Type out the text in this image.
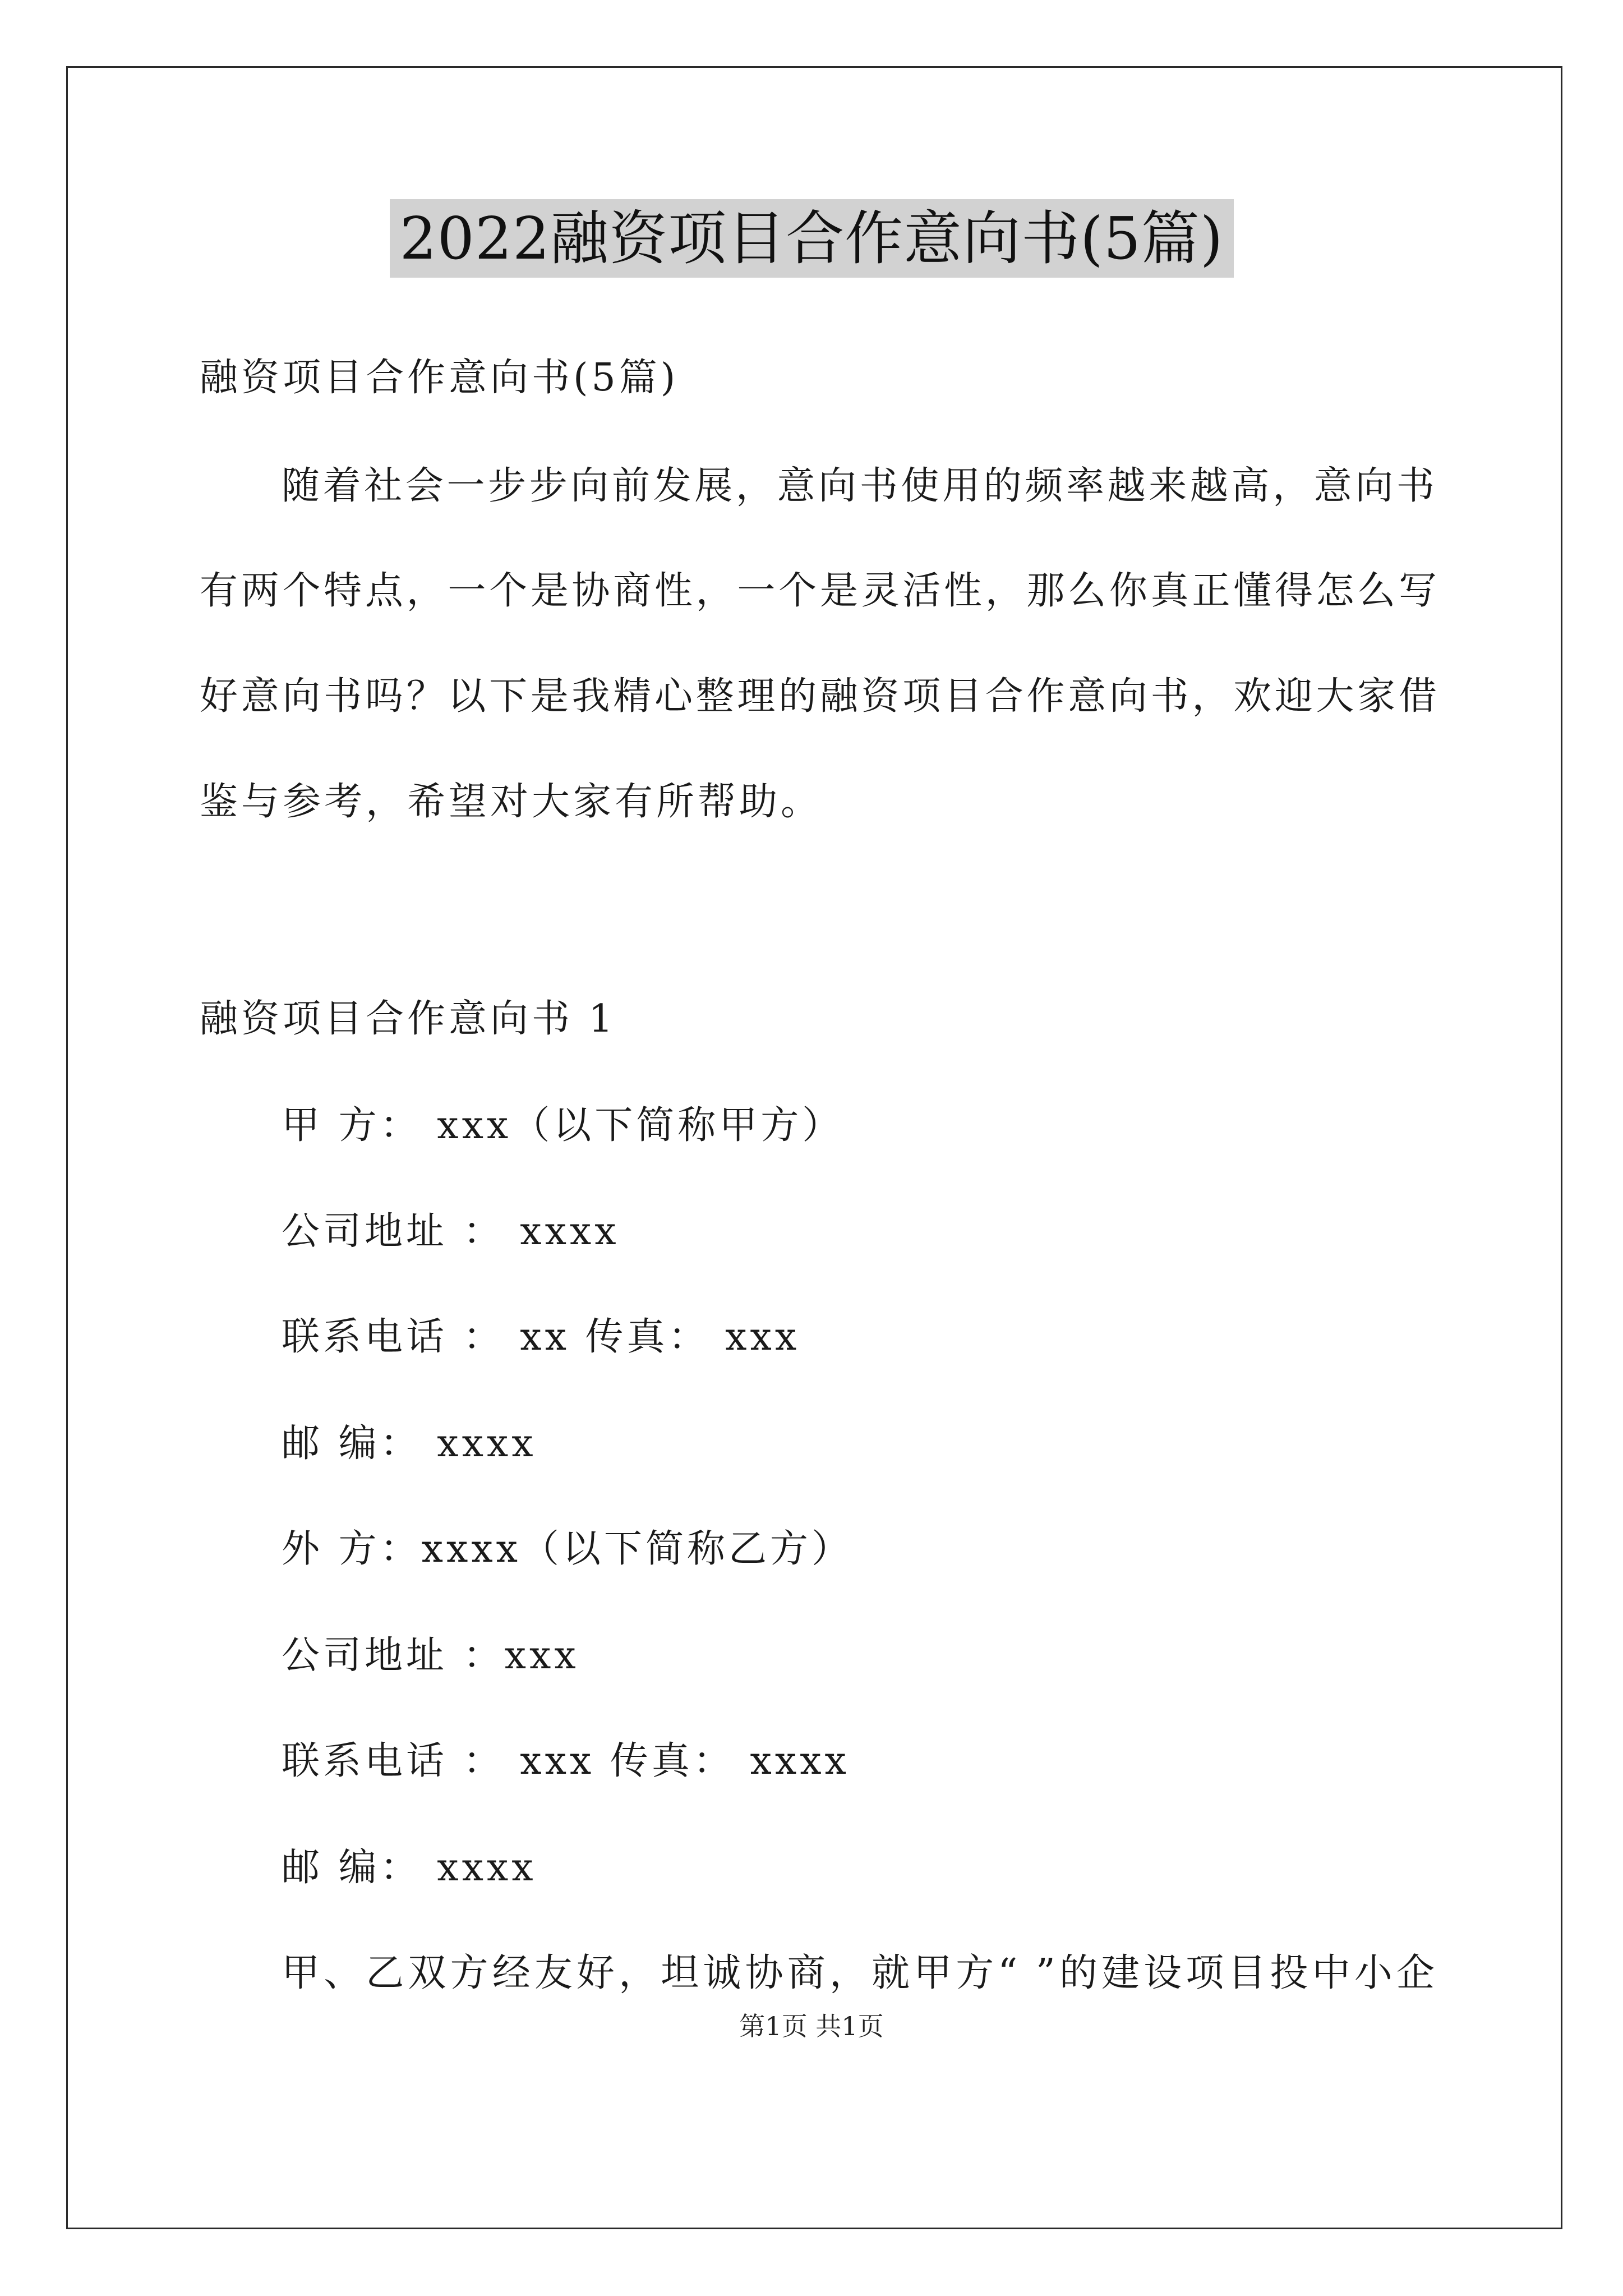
2022融资项目合作意向书(5篇)
融资项目合作意向书(5篇)
随着社会一步步向前发展，意向书使用的频率越来越高，意向书
有两个特点，一个是协商性，一个是灵活性，那么你真正懂得怎么写
好意向书吗？以下是我精心整理的融资项目合作意向书，欢迎大家借
鉴与参考，希望对大家有所帮助。
融资项目合作意向书 1
甲 方： xxx（以下简称甲方）
公司地址 ： xxxx
联系电话 ： xx 传真： xxx
邮 编： xxxx
外 方：xxxx（以下简称乙方）
公司地址 ：xxx
联系电话 ： xxx 传真： xxxx
邮 编： xxxx
甲、乙双方经友好，坦诚协商，就甲方“ ”的建设项目投中小企
第1页 共1页
